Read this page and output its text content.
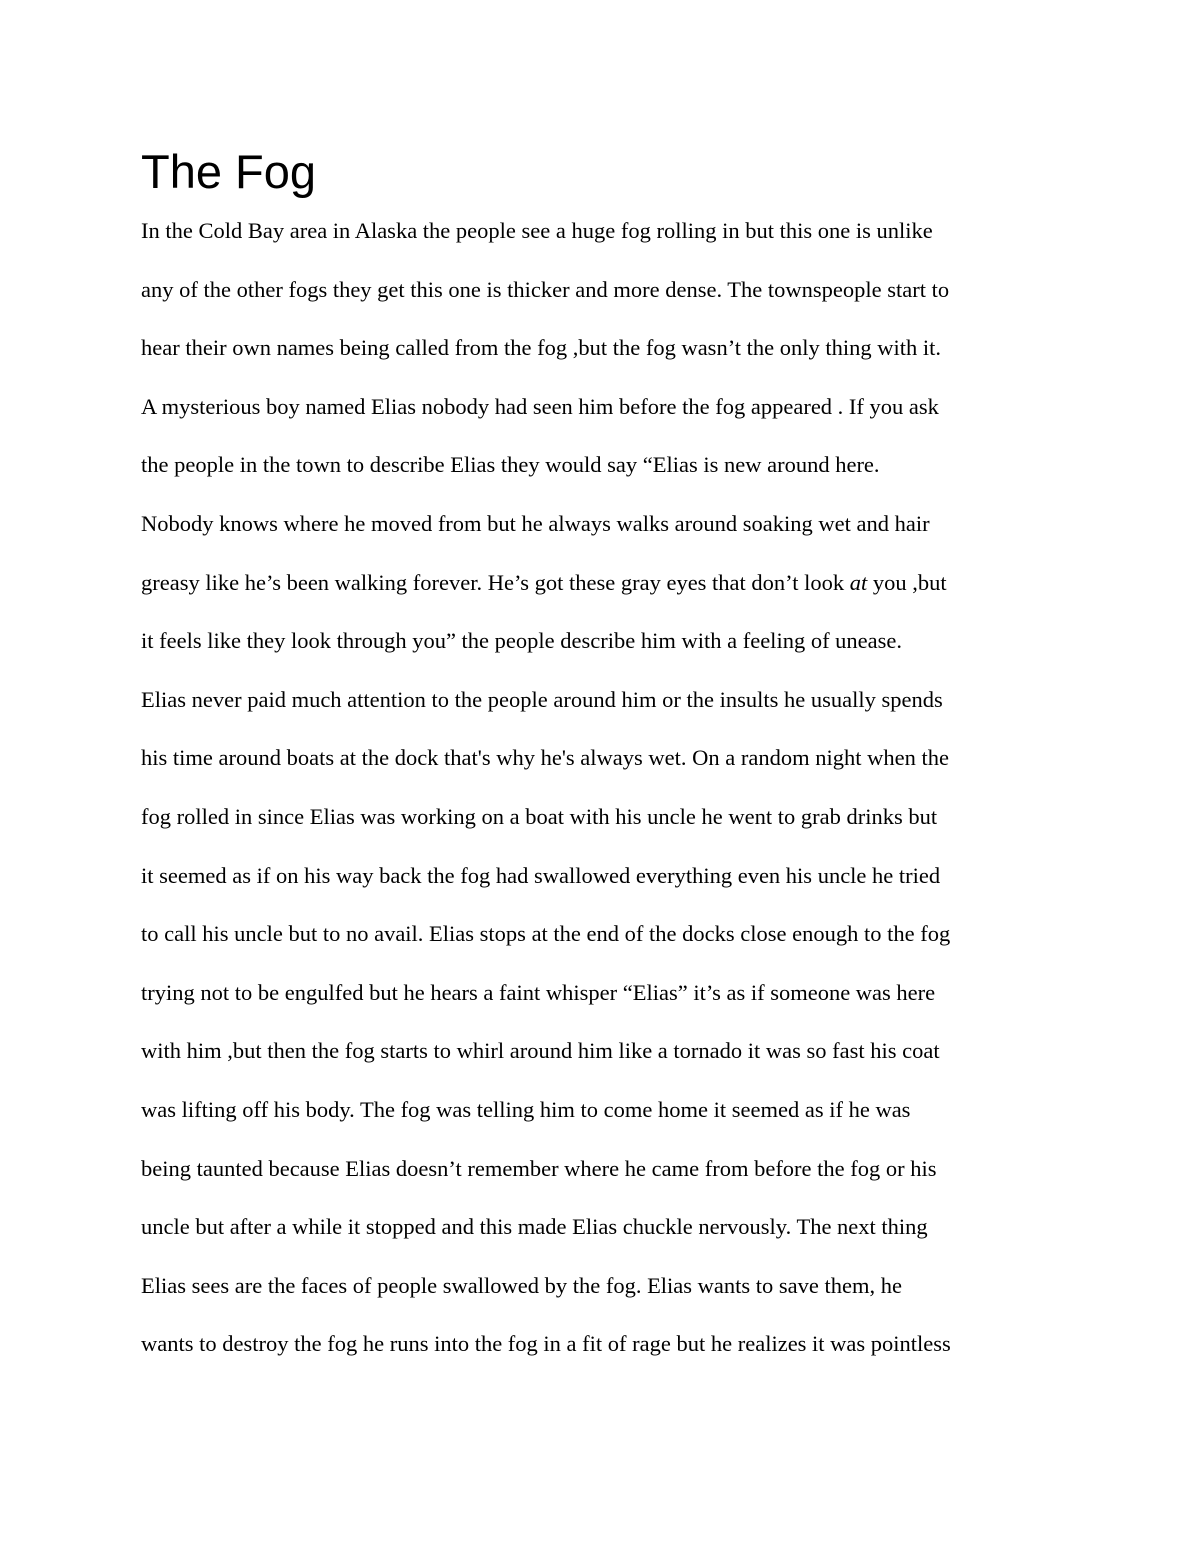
The Fog
In the Cold Bay area in Alaska the people see a huge fog rolling in but this one is unlike
any of the other fogs they get this one is thicker and more dense. The townspeople start to
hear their own names being called from the fog ,but the fog wasn’t the only thing with it.
A mysterious boy named Elias nobody had seen him before the fog appeared . If you ask
the people in the town to describe Elias they would say “Elias is new around here.
Nobody knows where he moved from but he always walks around soaking wet and hair
greasy like he’s been walking forever. He’s got these gray eyes that don’t look at you ,but
it feels like they look through you” the people describe him with a feeling of unease.
Elias never paid much attention to the people around him or the insults he usually spends
his time around boats at the dock that's why he's always wet. On a random night when the
fog rolled in since Elias was working on a boat with his uncle he went to grab drinks but
it seemed as if on his way back the fog had swallowed everything even his uncle he tried
to call his uncle but to no avail. Elias stops at the end of the docks close enough to the fog
trying not to be engulfed but he hears a faint whisper “Elias” it’s as if someone was here
with him ,but then the fog starts to whirl around him like a tornado it was so fast his coat
was lifting off his body. The fog was telling him to come home it seemed as if he was
being taunted because Elias doesn’t remember where he came from before the fog or his
uncle but after a while it stopped and this made Elias chuckle nervously. The next thing
Elias sees are the faces of people swallowed by the fog. Elias wants to save them, he
wants to destroy the fog he runs into the fog in a fit of rage but he realizes it was pointless
